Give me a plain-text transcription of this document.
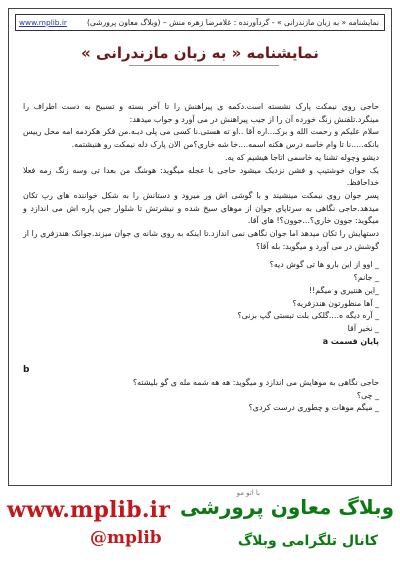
نمایشنامه « به زبان مازندرانی » - گردآورنده : غلامرضا زهره منش – (وبلاگ معاون پرورشی)
www.mplib.ir
نمایشنامه « به زبان مازندرانی »

حاجی روی نیمکت پارک نشسته است.دکمه ی پیراهنش را تا آخر بسته و تسبیح به دست اطراف را مینگرد.تلفنش زنگ خورده آن را از جیب پیراهنش در می آورد و جواب میدهد:

سلام علیکم و رحمت الله و برکـ...اره آقا ..او ته هستی.نا کسی می پلی دیـه.من فکر هکردمه امه محل رییس بانکه.....نا تا وام خاسه درس هکنه اسمه....خا شه خاری؟من الان پارک دله نیمکت رو هنیشتمه.

دیشو وچوله تشنا یه خاسمی اتاجا هیشیم که یه.

یک جوان خوشتیپ و فشن نزدیک میشود حاجی با عجله میگوید: هوشگ من بعدا تی وسه زنگ زمه فعلا خداحافظ.

پسر جوان روی نیمکت مینشیند و با گوشی اش ور میرود و دستانش را به شکل خواننده های رپ تکان میدهد.حاجی نگاهی به سرتاپای جوان از موهای سیخ شده و نیشرتش تا شلوار جین پاره اش می اندازد و میگوید: جوون خاری؟...جوون؟! های آقا.

دستهایش را تکان میدهد اما جوان نگاهی نمی اندازد.تا اینکه به روی شانه ی جوان میزند.جوانک هندزفری را از گوشش در می آورد و میگوید: بله آقا؟

_ اوو از این بارو ها تی گوش دیه؟

_ جانم؟

_این هنتیری و میگم!!

_ آها منظورتون هندزفریه؟

_ آره دیگه ه....گلکی بلت تبستی گپ بزنی؟

_ نخیر آقا

پایان قسمت a

b

حاجی نگاهی به موهایش می اندازد و میگوید: هه هه شمه مله ی گو بلیشته؟

_ چی؟

_ میگم موهات و چطوری درست کردی؟

با اتو مو
www.mplib.ir وبلاگ معاون پرورشی
کانال تلگرامی وبلاگ
@mplib
